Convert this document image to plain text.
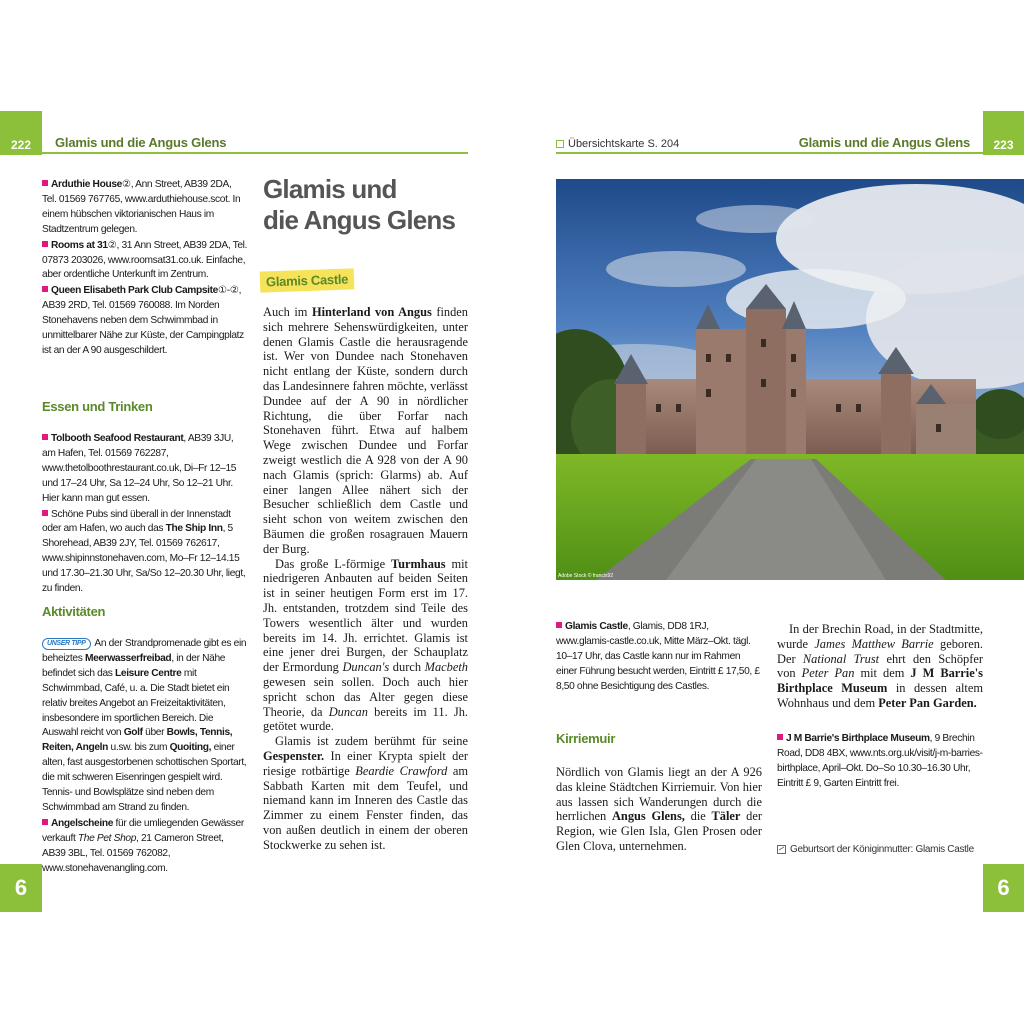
222 Glamis und die Angus Glens	Übersichtskarte S. 204	Glamis und die Angus Glens 223

Arduthie House②, Ann Street, AB39 2DA, Tel. 01569 767765, www.arduthiehouse.scot. In einem hübschen viktorianischen Haus im Stadtzentrum gelegen.

Rooms at 31②, 31 Ann Street, AB39 2DA, Tel. 07873 203026, www.roomsat31.co.uk. Einfache, aber ordentliche Unterkunft im Zentrum.

Queen Elisabeth Park Club Campsite①-②, AB39 2RD, Tel. 01569 760088. Im Norden Stonehavens neben dem Schwimmbad in unmittelbarer Nähe zur Küste, der Campingplatz ist an der A 90 ausgeschildert.

Essen und Trinken

Tolbooth Seafood Restaurant, AB39 3JU, am Hafen, Tel. 01569 762287, www.thetolboothrestaurant.co.uk, Di–Fr 12–15 und 17–24 Uhr, Sa 12–24 Uhr, So 12–21 Uhr. Hier kann man gut essen.

Schöne Pubs sind überall in der Innenstadt oder am Hafen, wo auch das The Ship Inn, 5 Shorehead, AB39 2JY, Tel. 01569 762617, www.shipinnstonehaven.com, Mo–Fr 12–14.15 und 17.30–21.30 Uhr, Sa/So 12–20.30 Uhr, liegt, zu finden.

Aktivitäten

UNSER TIPP An der Strandpromenade gibt es ein beheiztes Meerwasserfreibad, in der Nähe befindet sich das Leisure Centre mit Schwimmbad, Café, u. a. Die Stadt bietet ein relativ breites Angebot an Freizeitaktivitäten, insbesondere im sportlichen Bereich. Die Auswahl reicht von Golf über Bowls, Tennis, Reiten, Angeln u.sw. bis zum Quoiting, einer alten, fast ausgestorbenen schottischen Sportart, die mit schweren Eisenringen gespielt wird. Tennis- und Bowlsplätze sind neben dem Schwimmbad am Strand zu finden.

Angelscheine für die umliegenden Gewässer verkauft The Pet Shop, 21 Cameron Street, AB39 3BL, Tel. 01569 762082, www.stonehavenangling.com.

Glamis und
die Angus Glens
Glamis Castle

Auch im Hinterland von Angus finden sich mehrere Sehenswürdigkeiten, unter denen Glamis Castle die herausragende ist. Wer von Dundee nach Stonehaven nicht entlang der Küste, sondern durch das Landesinnere fahren möchte, verlässt Dundee auf der A 90 in nördlicher Richtung, die über Forfar nach Stonehaven führt. Etwa auf halbem Wege zwischen Dundee und Forfar zweigt westlich die A 928 von der A 90 nach Glamis (sprich: Glarms) ab. Auf einer langen Allee nähert sich der Besucher schließlich dem Castle und sieht schon von weitem zwischen den Bäumen die großen rosagrauen Mauern der Burg.

Das große L-förmige Turmhaus mit niedrigeren Anbauten auf beiden Seiten ist in seiner heutigen Form erst im 17. Jh. entstanden, trotzdem sind Teile des Towers wesentlich älter und wurden bereits im 14. Jh. errichtet. Glamis ist eine jener drei Burgen, der Schauplatz der Ermordung Duncan's durch Macbeth gewesen sein sollen. Doch auch hier spricht schon das Alter gegen diese Theorie, da Duncan bereits im 11. Jh. getötet wurde.

Glamis ist zudem berühmt für seine Gespenster. In einer Krypta spielt der riesige rotbärtige Beardie Crawford am Sabbath Karten mit dem Teufel, und niemand kann im Inneren des Castle das Zimmer zu einem Fenster finden, das von außen deutlich in einem der oberen Stockwerke zu sehen ist.

6	6
Adobe Stock © francis92

Glamis Castle, Glamis, DD8 1RJ, www.glamis-castle.co.uk, Mitte März–Okt. tägl. 10–17 Uhr, das Castle kann nur im Rahmen einer Führung besucht werden, Eintritt £ 17,50, £ 8,50 ohne Besichtigung des Castles.

Kirriemuir

Nördlich von Glamis liegt an der A 926 das kleine Städtchen Kirriemuir. Von hier aus lassen sich Wanderungen durch die herrlichen Angus Glens, die Täler der Region, wie Glen Isla, Glen Prosen oder Glen Clova, unternehmen.

In der Brechin Road, in der Stadtmitte, wurde James Matthew Barrie geboren. Der National Trust ehrt den Schöpfer von Peter Pan mit dem J M Barrie's Birthplace Museum in dessen altem Wohnhaus und dem Peter Pan Garden.

J M Barrie's Birthplace Museum, 9 Brechin Road, DD8 4BX, www.nts.org.uk/visit/j-m-barries-birthplace, April–Okt. Do–So 10.30–16.30 Uhr, Eintritt £ 9, Garten Eintritt frei.

Geburtsort der Königinmutter: Glamis Castle
